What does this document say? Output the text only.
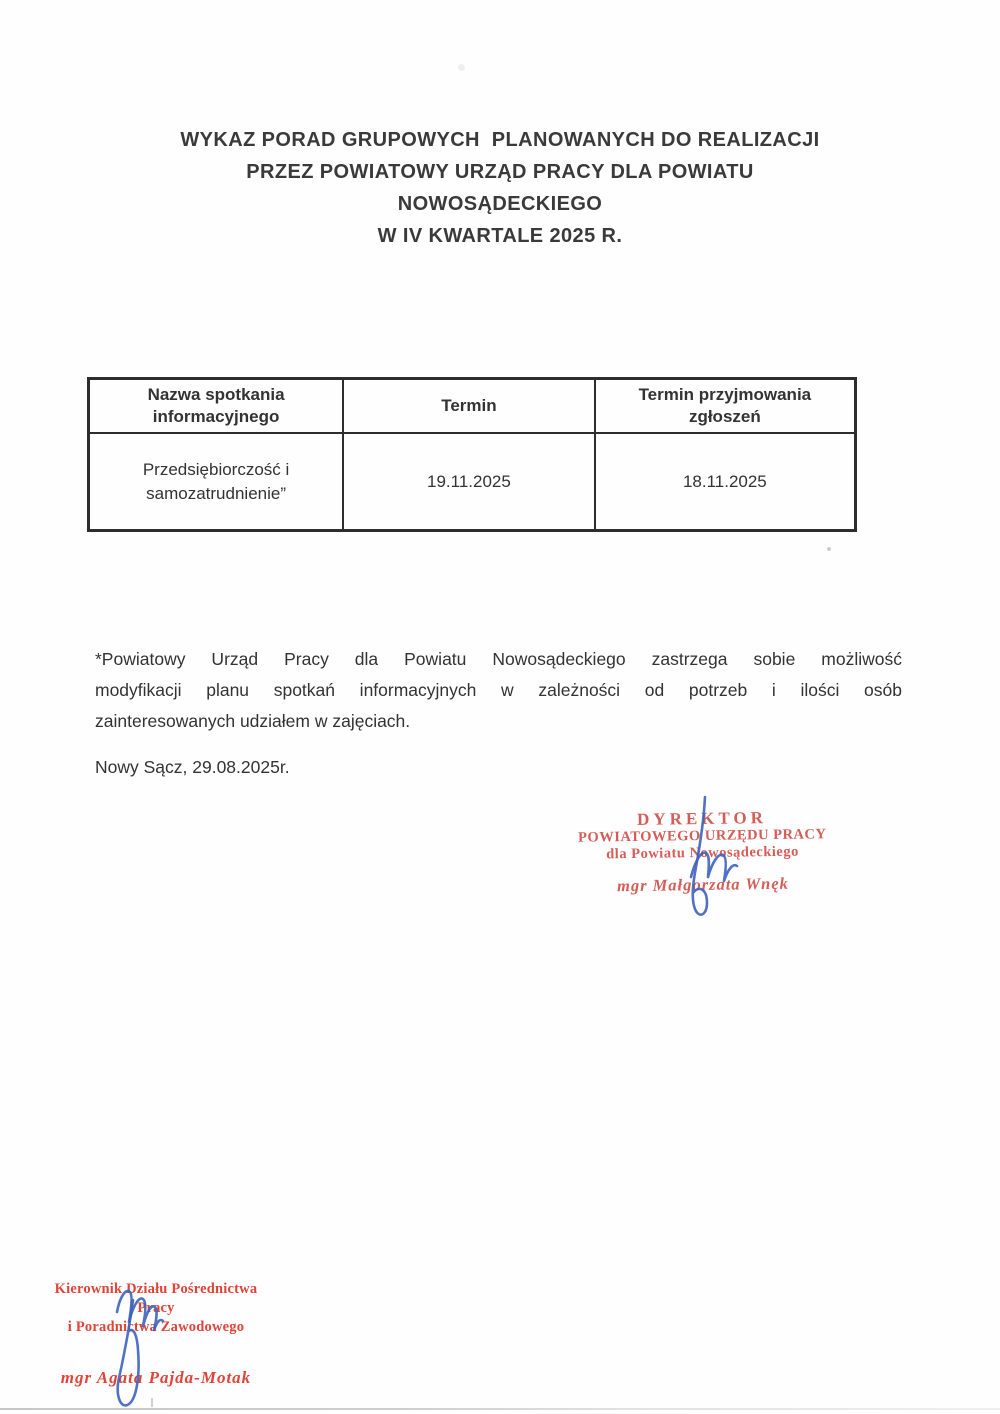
WYKAZ PORAD GRUPOWYCH  PLANOWANYCH DO REALIZACJI
PRZEZ POWIATOWY URZĄD PRACY DLA POWIATU
NOWOSĄDECKIEGO
W IV KWARTALE 2025 R.
Nazwa spotkania informacyjnego	Termin	Termin przyjmowania zgłoszeń
Przedsiębiorczość i samozatrudnienie”	19.11.2025	18.11.2025
*Powiatowy Urząd Pracy dla Powiatu Nowosądeckiego zastrzega sobie możliwość
modyfikacji planu spotkań informacyjnych w zależności od potrzeb i ilości osób
zainteresowanych udziałem w zajęciach.
Nowy Sącz, 29.08.2025r.
DYREKTOR
POWIATOWEGO URZĘDU PRACY
dla Powiatu Nowosądeckiego
mgr Małgorzata Wnęk
Kierownik Działu Pośrednictwa Pracy
i Poradnictwa Zawodowego
mgr Agata Pajda-Motak
